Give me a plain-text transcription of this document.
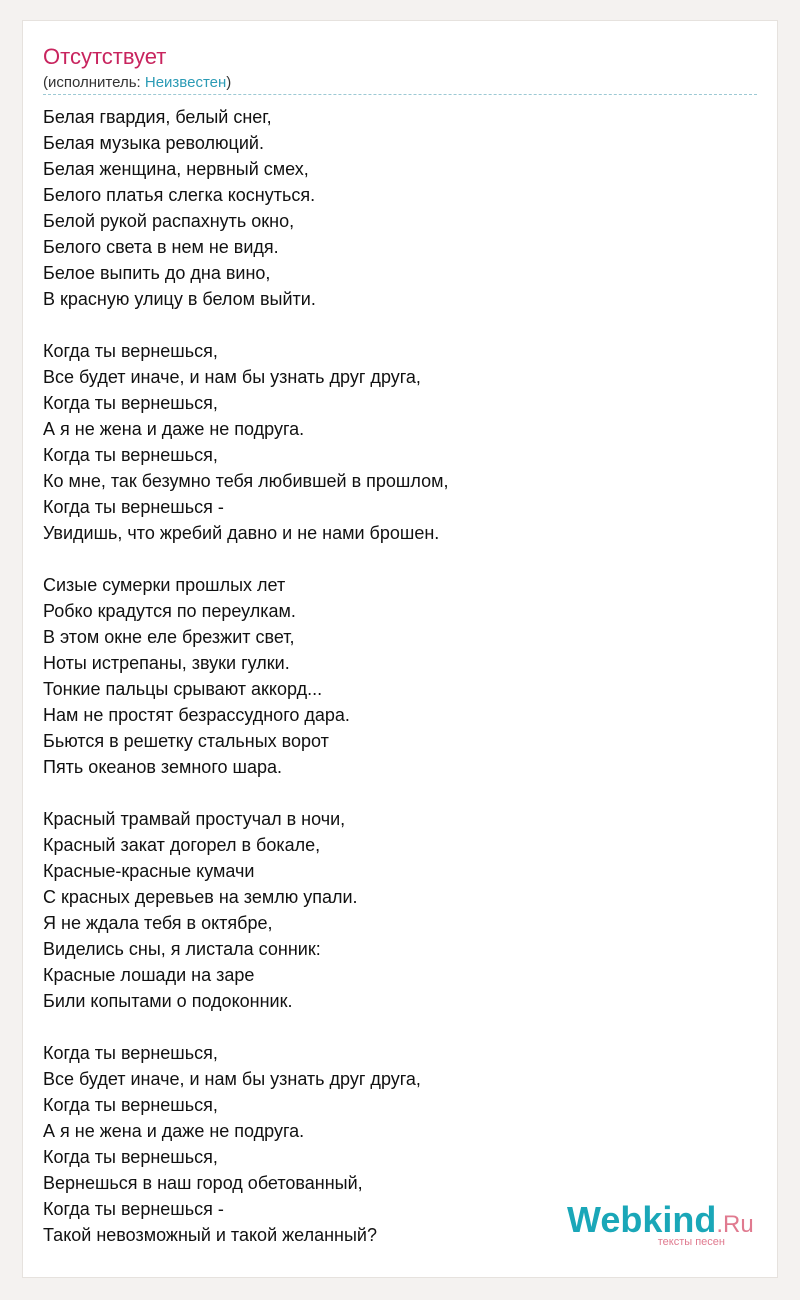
Отсутствует
(исполнитель: Неизвестен)
Белая гвардия, белый снег,
Белая музыка революций.
Белая женщина, нервный смех,
Белого платья слегка коснуться.
Белой рукой распахнуть окно,
Белого света в нем не видя.
Белое выпить до дна вино,
В красную улицу в белом выйти.
Когда ты вернешься,
Все будет иначе, и нам бы узнать друг друга,
Когда ты вернешься,
А я не жена и даже не подруга.
Когда ты вернешься,
Ко мне, так безумно тебя любившей в прошлом,
Когда ты вернешься -
Увидишь, что жребий давно и не нами брошен.
Сизые сумерки прошлых лет
Робко крадутся по переулкам.
В этом окне еле брезжит свет,
Ноты истрепаны, звуки гулки.
Тонкие пальцы срывают аккорд...
Нам не простят безрассудного дара.
Бьются в решетку стальных ворот
Пять океанов земного шара.
Красный трамвай простучал в ночи,
Красный закат догорел в бокале,
Красные-красные кумачи
С красных деревьев на землю упали.
Я не ждала тебя в октябре,
Виделись сны, я листала сонник:
Красные лошади на заре
Били копытами о подоконник.
Когда ты вернешься,
Все будет иначе, и нам бы узнать друг друга,
Когда ты вернешься,
А я не жена и даже не подруга.
Когда ты вернешься,
Вернешься в наш город обетованный,
Когда ты вернешься -
Такой невозможный и такой желанный?	Webkind.Ru
тексты песен
